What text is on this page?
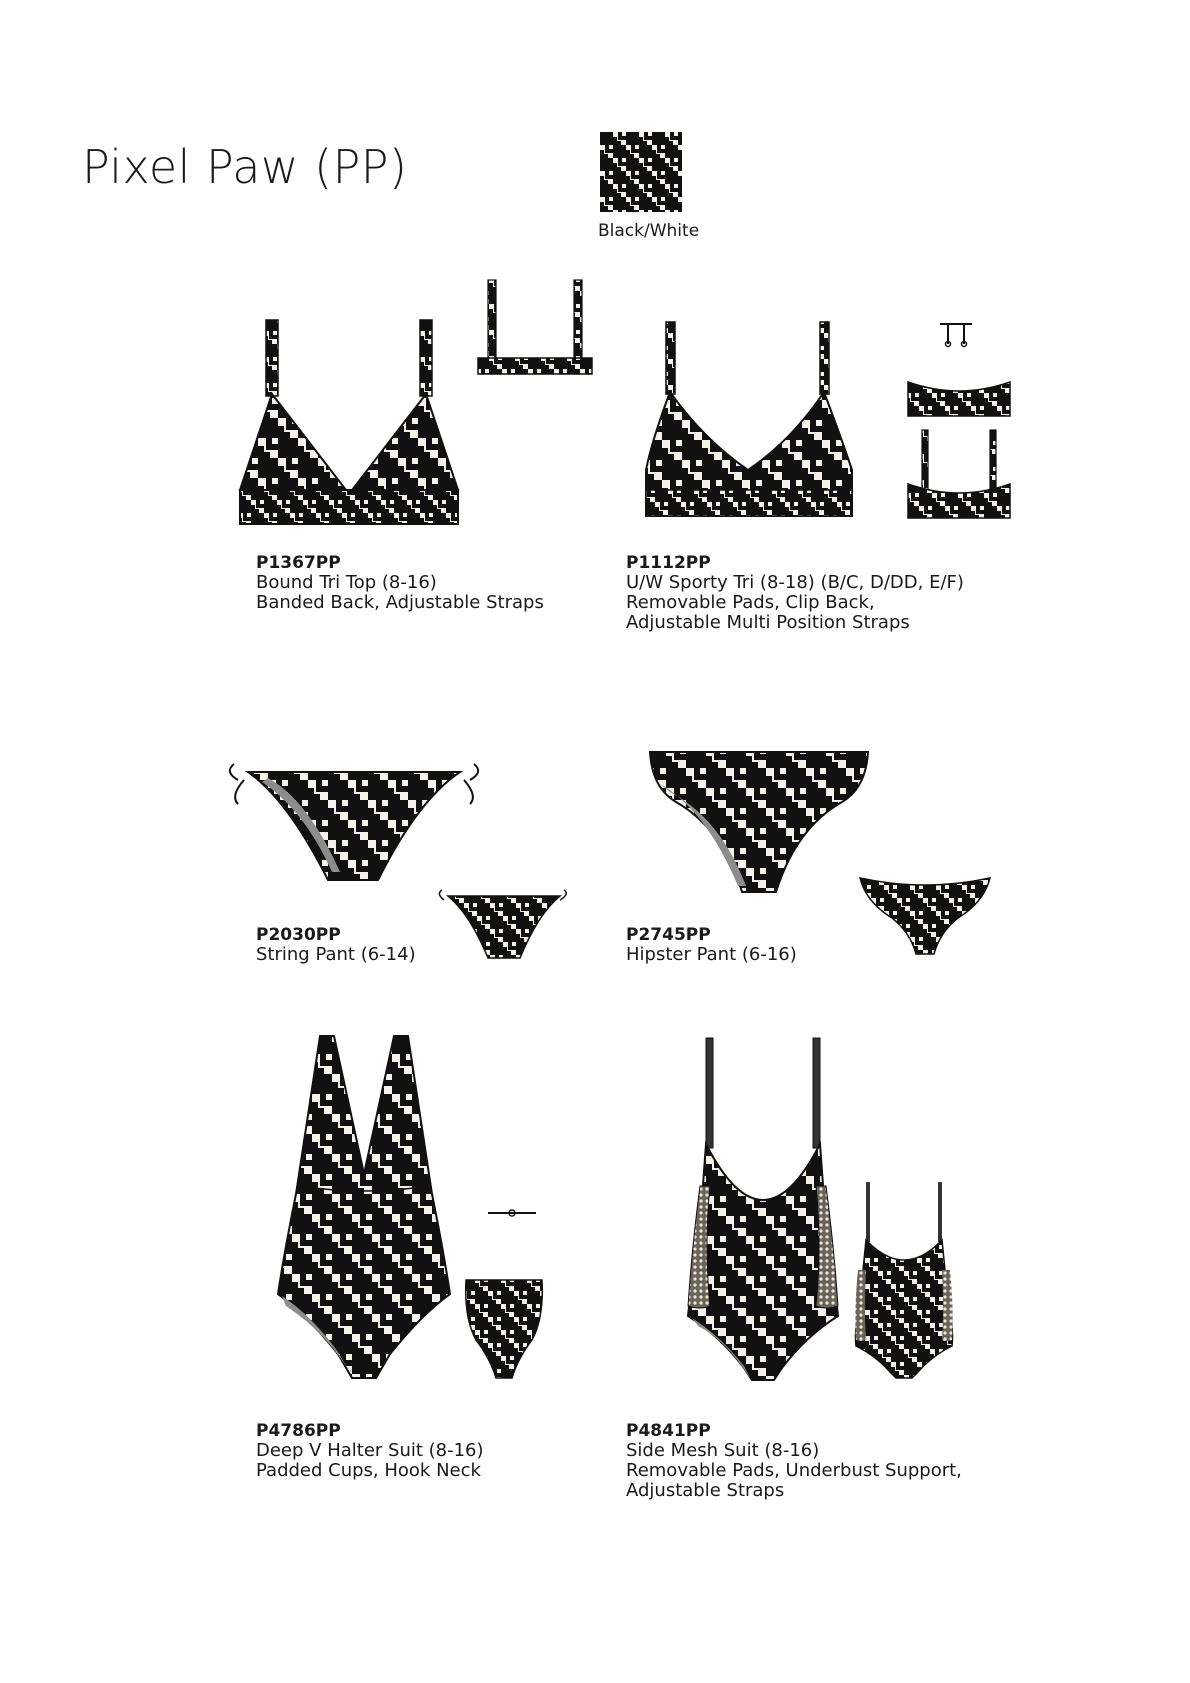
Pixel Paw (PP)
Black/White
P1367PP
Bound Tri Top (8-16)
Banded Back, Adjustable Straps
P1112PP
U/W Sporty Tri (8-18) (B/C, D/DD, E/F)
Removable Pads, Clip Back,
Adjustable Multi Position Straps
P2030PP
String Pant (6-14)
P2745PP
Hipster Pant (6-16)
P4786PP
Deep V Halter Suit (8-16)
Padded Cups, Hook Neck
P4841PP
Side Mesh Suit (8-16)
Removable Pads, Underbust Support,
Adjustable Straps
